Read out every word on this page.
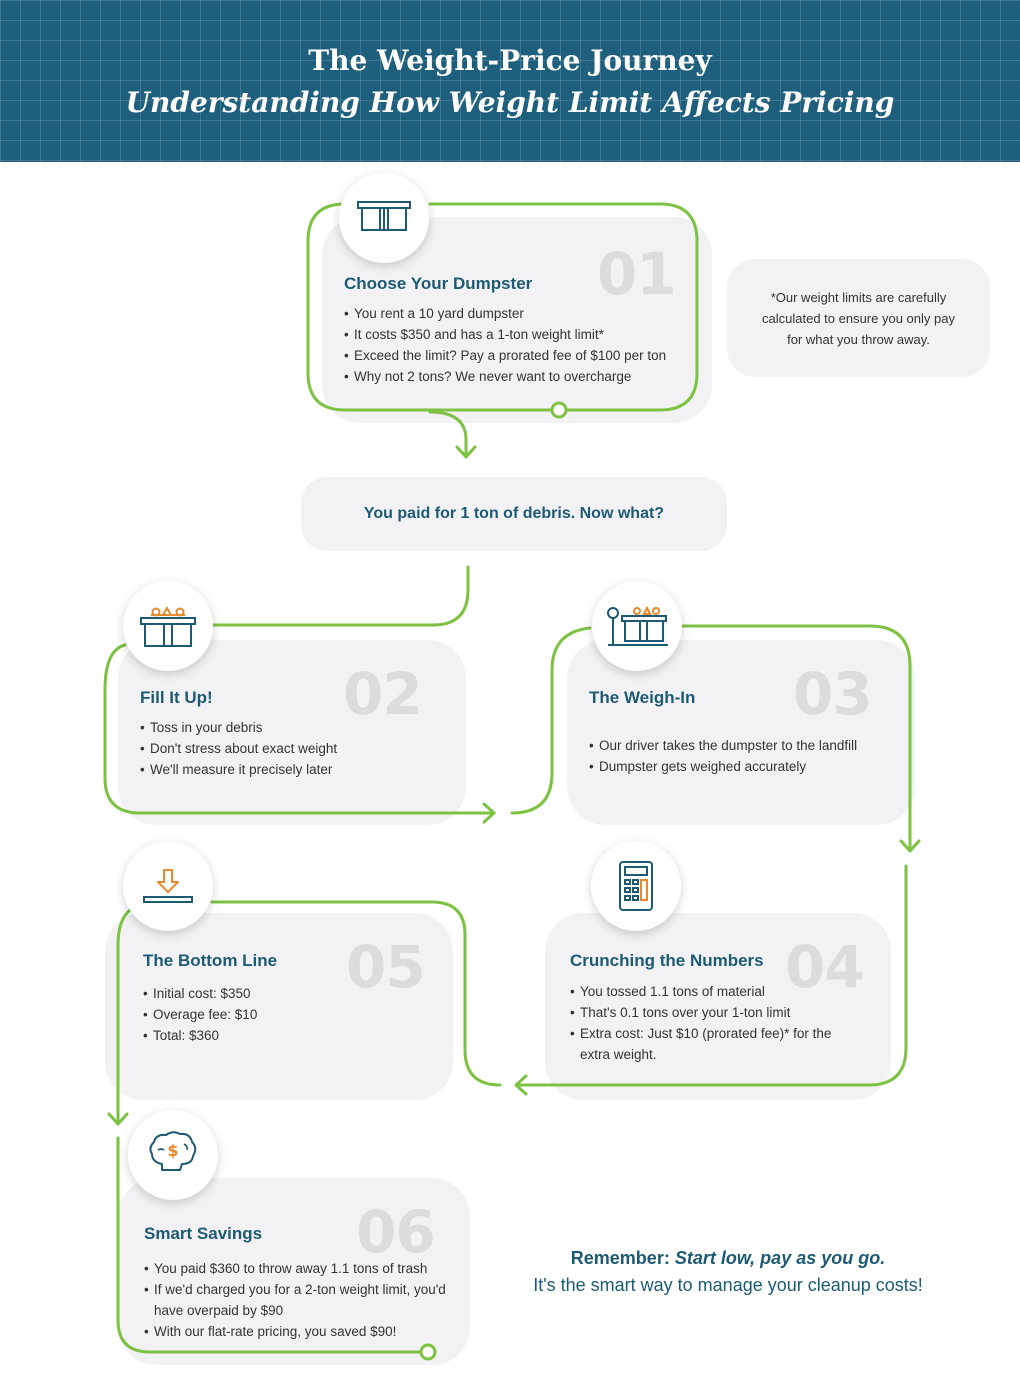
The Weight-Price Journey
Understanding How Weight Limit Affects Pricing
$
01
Choose Your Dumpster
• You rent a 10 yard dumpster
• It costs $350 and has a 1-ton weight limit*
• Exceed the limit? Pay a prorated fee of $100 per ton
• Why not 2 tons? We never want to overcharge
*Our weight limits are carefully calculated to ensure you only pay for what you throw away.
You paid for 1 ton of debris. Now what?
02
Fill It Up!
• Toss in your debris
• Don't stress about exact weight
• We'll measure it precisely later
03
The Weigh-In
• Our driver takes the dumpster to the landfill
• Dumpster gets weighed accurately
04
Crunching the Numbers
• You tossed 1.1 tons of material
• That's 0.1 tons over your 1-ton limit
• Extra cost: Just $10 (prorated fee)* for the extra weight.
05
The Bottom Line
• Initial cost: $350
• Overage fee: $10
• Total: $360
06
Smart Savings
• You paid $360 to throw away 1.1 tons of trash
• If we'd charged you for a 2-ton weight limit, you'd have overpaid by $90
• With our flat-rate pricing, you saved $90!
Remember: Start low, pay as you go.
It's the smart way to manage your cleanup costs!
